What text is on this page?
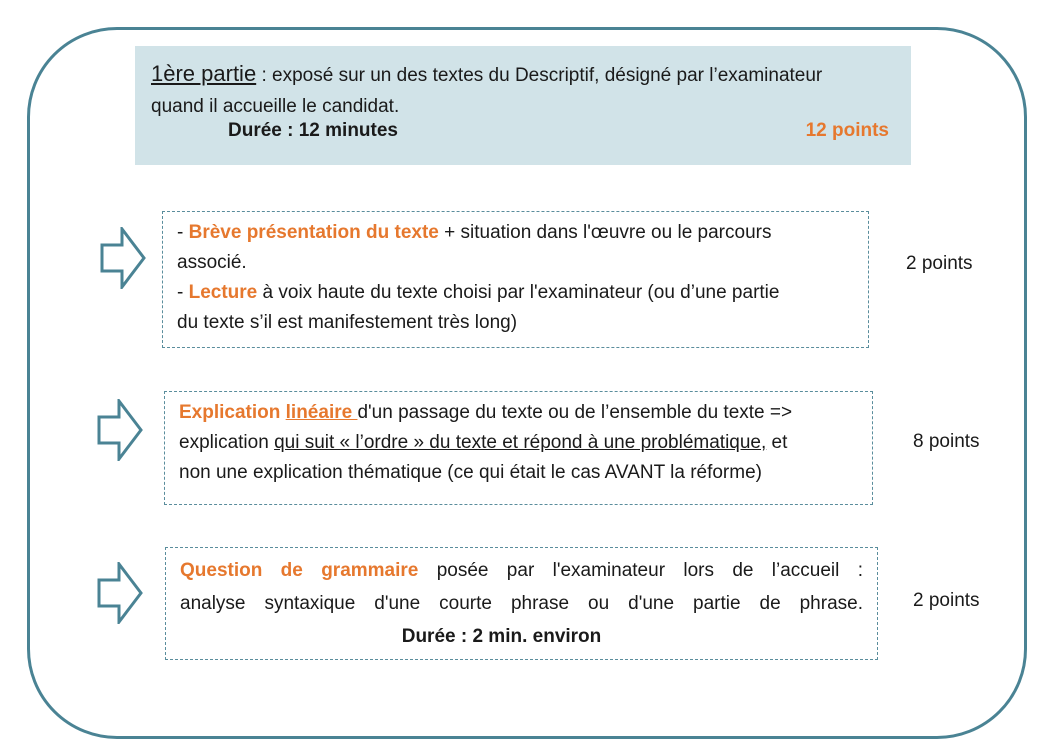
1ère partie : exposé sur un des textes du Descriptif, désigné par l’examinateur
quand il accueille le candidat.
Durée : 12 minutes	12 points
- Brève présentation du texte + situation dans l'œuvre ou le parcours
associé.
- Lecture à voix haute du texte choisi par l'examinateur (ou d’une partie
du texte s’il est manifestement très long)
2 points
Explication linéaire d'un passage du texte ou de l’ensemble du texte =>
explication qui suit « l’ordre » du texte et répond à une problématique, et
non une explication thématique (ce qui était le cas AVANT la réforme)
8 points
Question de grammaire posée par l'examinateur lors de l’accueil :
analyse syntaxique d'une courte phrase ou d'une partie de phrase.
Durée : 2 min. environ
2 points
